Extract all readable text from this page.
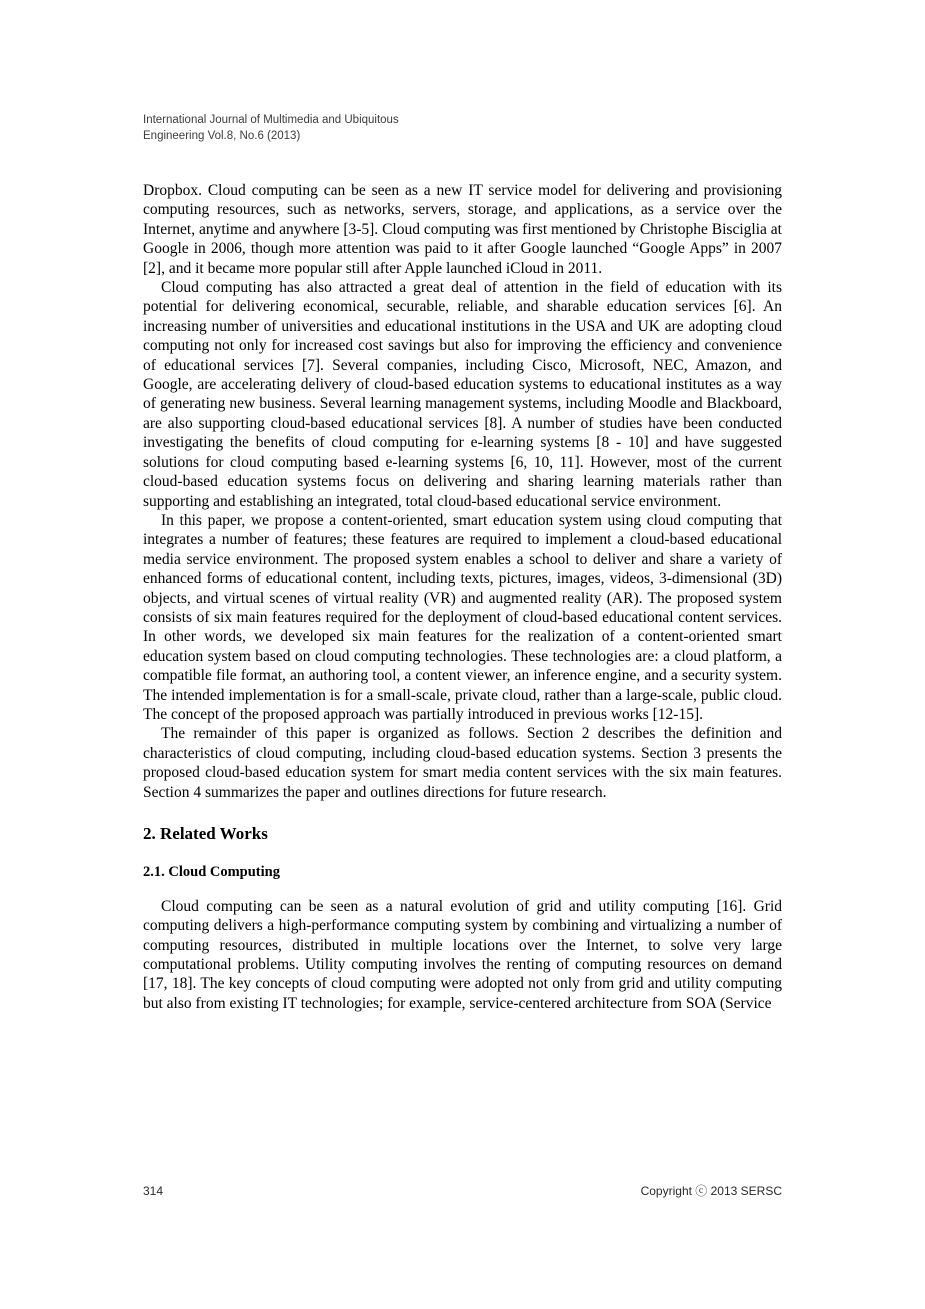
International Journal of Multimedia and Ubiquitous
Engineering Vol.8, No.6 (2013)

Dropbox. Cloud computing can be seen as a new IT service model for delivering and provisioning computing resources, such as networks, servers, storage, and applications, as a service over the Internet, anytime and anywhere [3-5]. Cloud computing was first mentioned by Christophe Bisciglia at Google in 2006, though more attention was paid to it after Google launched “Google Apps” in 2007 [2], and it became more popular still after Apple launched iCloud in 2011.

Cloud computing has also attracted a great deal of attention in the field of education with its potential for delivering economical, securable, reliable, and sharable education services [6]. An increasing number of universities and educational institutions in the USA and UK are adopting cloud computing not only for increased cost savings but also for improving the efficiency and convenience of educational services [7]. Several companies, including Cisco, Microsoft, NEC, Amazon, and Google, are accelerating delivery of cloud-based education systems to educational institutes as a way of generating new business. Several learning management systems, including Moodle and Blackboard, are also supporting cloud-based educational services [8]. A number of studies have been conducted investigating the benefits of cloud computing for e-learning systems [8 - 10] and have suggested solutions for cloud computing based e-learning systems [6, 10, 11]. However, most of the current cloud-based education systems focus on delivering and sharing learning materials rather than supporting and establishing an integrated, total cloud-based educational service environment.

In this paper, we propose a content-oriented, smart education system using cloud computing that integrates a number of features; these features are required to implement a cloud-based educational media service environment. The proposed system enables a school to deliver and share a variety of enhanced forms of educational content, including texts, pictures, images, videos, 3-dimensional (3D) objects, and virtual scenes of virtual reality (VR) and augmented reality (AR). The proposed system consists of six main features required for the deployment of cloud-based educational content services. In other words, we developed six main features for the realization of a content-oriented smart education system based on cloud computing technologies. These technologies are: a cloud platform, a compatible file format, an authoring tool, a content viewer, an inference engine, and a security system. The intended implementation is for a small-scale, private cloud, rather than a large-scale, public cloud. The concept of the proposed approach was partially introduced in previous works [12-15].

The remainder of this paper is organized as follows. Section 2 describes the definition and characteristics of cloud computing, including cloud-based education systems. Section 3 presents the proposed cloud-based education system for smart media content services with the six main features. Section 4 summarizes the paper and outlines directions for future research.

2. Related Works
2.1. Cloud Computing

Cloud computing can be seen as a natural evolution of grid and utility computing [16]. Grid computing delivers a high-performance computing system by combining and virtualizing a number of computing resources, distributed in multiple locations over the Internet, to solve very large computational problems. Utility computing involves the renting of computing resources on demand [17, 18]. The key concepts of cloud computing were adopted not only from grid and utility computing but also from existing IT technologies; for example, service-centered architecture from SOA (Service

314	Copyright ⓒ 2013 SERSC
